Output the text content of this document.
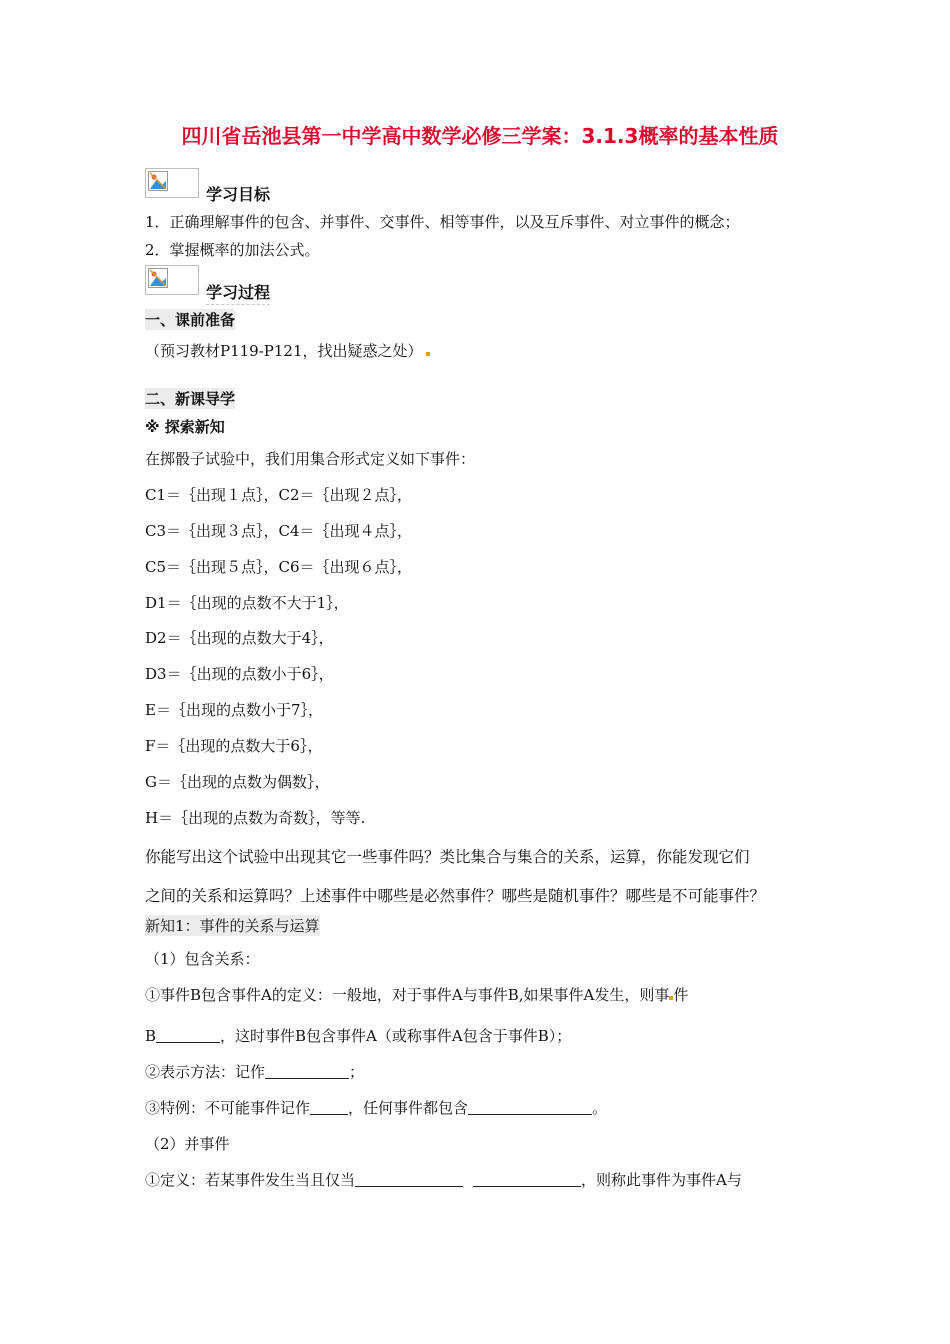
四川省岳池县第一中学高中数学必修三学案：3.1.3概率的基本性质
学习目标
1．正确理解事件的包含、并事件、交事件、相等事件，以及互斥事件、对立事件的概念；
2．掌握概率的加法公式。
学习过程
一、课前准备
（预习教材P119-P121，找出疑惑之处）
二、新课导学
※ 探索新知
在掷骰子试验中，我们用集合形式定义如下事件：
C1＝｛出现１点｝，C2＝｛出现２点｝，
C3＝｛出现３点｝，C4＝｛出现４点｝，
C5＝｛出现５点｝，C6＝｛出现６点｝，
D1＝｛出现的点数不大于1｝，
D2＝｛出现的点数大于4｝，
D3＝｛出现的点数小于6｝，
E＝｛出现的点数小于7｝，
F＝｛出现的点数大于6｝，
G＝｛出现的点数为偶数｝，
H＝｛出现的点数为奇数｝，等等.
你能写出这个试验中出现其它一些事件吗？类比集合与集合的关系，运算，你能发现它们
之间的关系和运算吗？上述事件中哪些是必然事件？哪些是随机事件？哪些是不可能事件？
新知1：事件的关系与运算
（1）包含关系：
①事件B包含事件A的定义：一般地，对于事件A与事件B,如果事件A发生，则事 件
B	，这时事件B包含事件A（或称事件A包含于事件B）；
②表示方法：记作	；
③特例：不可能事件记作	，任何事件都包含	。
（2）并事件
①定义：若某事件发生当且仅当	，则称此事件为事件A与
